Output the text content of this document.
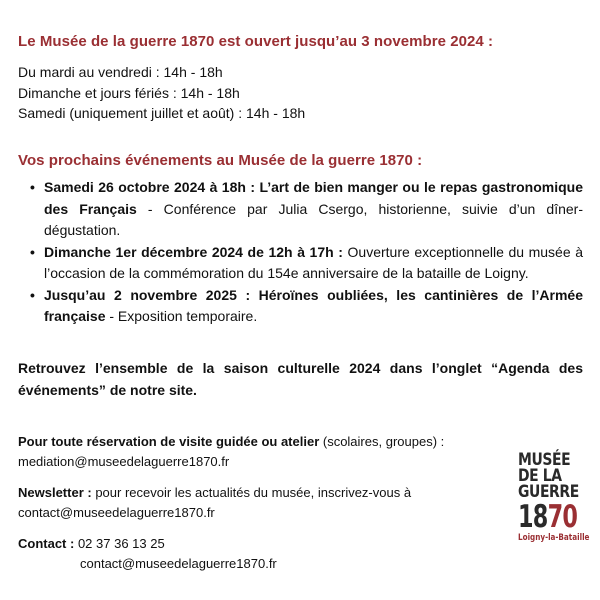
Le Musée de la guerre 1870 est ouvert jusqu’au 3 novembre 2024 :
Du mardi au vendredi : 14h - 18h
Dimanche et jours fériés : 14h - 18h
Samedi (uniquement juillet et août) : 14h - 18h
Vos prochains événements au Musée de la guerre 1870 :
• Samedi 26 octobre 2024 à 18h : L’art de bien manger ou le repas gastronomique des Français - Conférence par Julia Csergo, historienne, suivie d’un dîner-dégustation.
• Dimanche 1er décembre 2024 de 12h à 17h : Ouverture exceptionnelle du musée à l’occasion de la commémoration du 154e anniversaire de la bataille de Loigny.
• Jusqu’au 2 novembre 2025 : Héroïnes oubliées, les cantinières de l’Armée française - Exposition temporaire.
Retrouvez l’ensemble de la saison culturelle 2024 dans l’onglet “Agenda des événements” de notre site.
Pour toute réservation de visite guidée ou atelier (scolaires, groupes) :
mediation@museedelaguerre1870.fr
Newsletter : pour recevoir les actualités du musée, inscrivez-vous à
contact@museedelaguerre1870.fr
Contact : 02 37 36 13 25
contact@museedelaguerre1870.fr
MUSÉE
DE LA
GUERRE
1870
Loigny-la-Bataille
